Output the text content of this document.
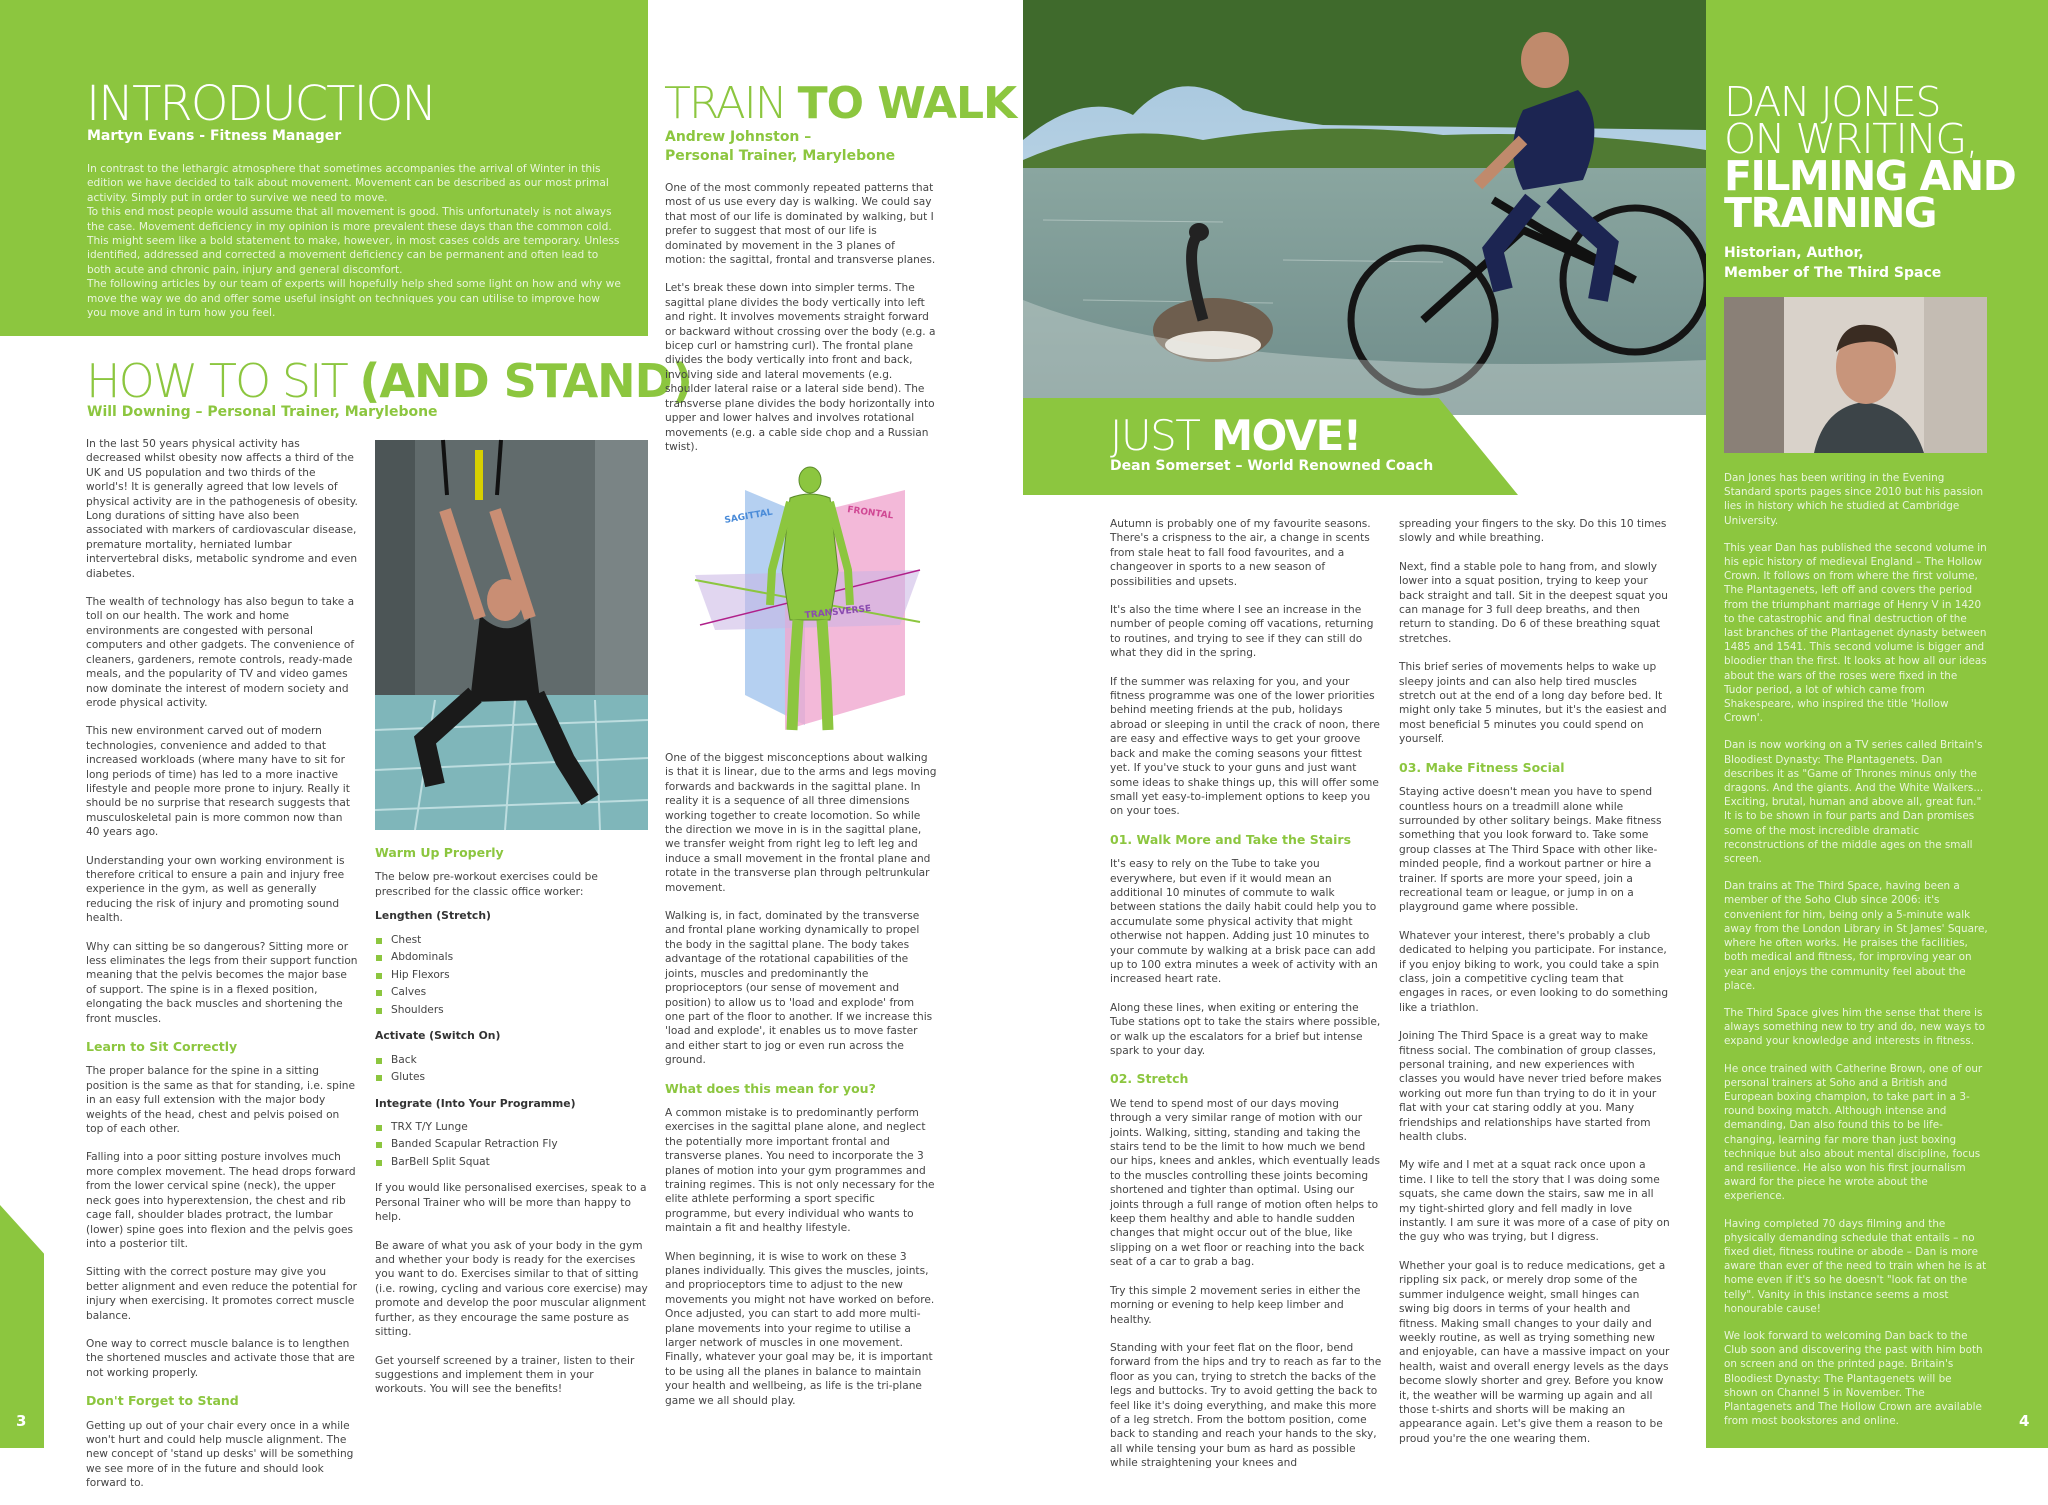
INTRODUCTION
Martyn Evans - Fitness Manager

In contrast to the lethargic atmosphere that sometimes accompanies the arrival of Winter in this edition we have decided to talk about movement. Movement can be described as our most primal activity. Simply put in order to survive we need to move.

To this end most people would assume that all movement is good. This unfortunately is not always the case. Movement deficiency in my opinion is more prevalent these days than the common cold. This might seem like a bold statement to make, however, in most cases colds are temporary. Unless identified, addressed and corrected a movement deficiency can be permanent and often lead to both acute and chronic pain, injury and general discomfort.

The following articles by our team of experts will hopefully help shed some light on how and why we move the way we do and offer some useful insight on techniques you can utilise to improve how you move and in turn how you feel.

HOW TO SIT (AND STAND)
Will Downing – Personal Trainer, Marylebone

In the last 50 years physical activity has decreased whilst obesity now affects a third of the UK and US population and two thirds of the world's! It is generally agreed that low levels of physical activity are in the pathogenesis of obesity. Long durations of sitting have also been associated with markers of cardiovascular disease, premature mortality, herniated lumbar intervertebral disks, metabolic syndrome and even diabetes.

The wealth of technology has also begun to take a toll on our health. The work and home environments are congested with personal computers and other gadgets. The convenience of cleaners, gardeners, remote controls, ready-made meals, and the popularity of TV and video games now dominate the interest of modern society and erode physical activity.

This new environment carved out of modern technologies, convenience and added to that increased workloads (where many have to sit for long periods of time) has led to a more inactive lifestyle and people more prone to injury. Really it should be no surprise that research suggests that musculoskeletal pain is more common now than 40 years ago.

Understanding your own working environment is therefore critical to ensure a pain and injury free experience in the gym, as well as generally reducing the risk of injury and promoting sound health.

Why can sitting be so dangerous? Sitting more or less eliminates the legs from their support function meaning that the pelvis becomes the major base of support. The spine is in a flexed position, elongating the back muscles and shortening the front muscles.

Learn to Sit Correctly

The proper balance for the spine in a sitting position is the same as that for standing, i.e. spine in an easy full extension with the major body weights of the head, chest and pelvis poised on top of each other.

Falling into a poor sitting posture involves much more complex movement. The head drops forward from the lower cervical spine (neck), the upper neck goes into hyperextension, the chest and rib cage fall, shoulder blades protract, the lumbar (lower) spine goes into flexion and the pelvis goes into a posterior tilt.

Sitting with the correct posture may give you better alignment and even reduce the potential for injury when exercising. It promotes correct muscle balance.

One way to correct muscle balance is to lengthen the shortened muscles and activate those that are not working properly.

Don't Forget to Stand

Getting up out of your chair every once in a while won't hurt and could help muscle alignment. The new concept of 'stand up desks' will be something we see more of in the future and should look forward to.

Warm Up Properly

The below pre-workout exercises could be prescribed for the classic office worker:

Lengthen (Stretch)
Chest
Abdominals
Hip Flexors
Calves
Shoulders
Activate (Switch On)
Back
Glutes
Integrate (Into Your Programme)
TRX T/Y Lunge
Banded Scapular Retraction Fly
BarBell Split Squat

If you would like personalised exercises, speak to a Personal Trainer who will be more than happy to help.

Be aware of what you ask of your body in the gym and whether your body is ready for the exercises you want to do. Exercises similar to that of sitting (i.e. rowing, cycling and various core exercise) may promote and develop the poor muscular alignment further, as they encourage the same posture as sitting.

Get yourself screened by a trainer, listen to their suggestions and implement them in your workouts. You will see the benefits!

TRAIN TO WALK
Andrew Johnston –
Personal Trainer, Marylebone

One of the most commonly repeated patterns that most of us use every day is walking. We could say that most of our life is dominated by walking, but I prefer to suggest that most of our life is dominated by movement in the 3 planes of motion: the sagittal, frontal and transverse planes.

Let's break these down into simpler terms. The sagittal plane divides the body vertically into left and right. It involves movements straight forward or backward without crossing over the body (e.g. a bicep curl or hamstring curl). The frontal plane divides the body vertically into front and back, involving side and lateral movements (e.g. shoulder lateral raise or a lateral side bend). The transverse plane divides the body horizontally into upper and lower halves and involves rotational movements (e.g. a cable side chop and a Russian twist).

SAGITTAL	FRONTAL
TRANSVERSE

One of the biggest misconceptions about walking is that it is linear, due to the arms and legs moving forwards and backwards in the sagittal plane. In reality it is a sequence of all three dimensions working together to create locomotion. So while the direction we move in is in the sagittal plane, we transfer weight from right leg to left leg and induce a small movement in the frontal plane and rotate in the transverse plan through peltrunkular movement.

Walking is, in fact, dominated by the transverse and frontal plane working dynamically to propel the body in the sagittal plane. The body takes advantage of the rotational capabilities of the joints, muscles and predominantly the proprioceptors (our sense of movement and position) to allow us to 'load and explode' from one part of the floor to another. If we increase this 'load and explode', it enables us to move faster and either start to jog or even run across the ground.

What does this mean for you?

A common mistake is to predominantly perform exercises in the sagittal plane alone, and neglect the potentially more important frontal and transverse planes. You need to incorporate the 3 planes of motion into your gym programmes and training regimes. This is not only necessary for the elite athlete performing a sport specific programme, but every individual who wants to maintain a fit and healthy lifestyle.

When beginning, it is wise to work on these 3 planes individually. This gives the muscles, joints, and proprioceptors time to adjust to the new movements you might not have worked on before. Once adjusted, you can start to add more multi-plane movements into your regime to utilise a larger network of muscles in one movement. Finally, whatever your goal may be, it is important to be using all the planes in balance to maintain your health and wellbeing, as life is the tri-plane game we all should play.

3
JUST MOVE!
Dean Somerset – World Renowned Coach

Autumn is probably one of my favourite seasons. There's a crispness to the air, a change in scents from stale heat to fall food favourites, and a changeover in sports to a new season of possibilities and upsets.

It's also the time where I see an increase in the number of people coming off vacations, returning to routines, and trying to see if they can still do what they did in the spring.

If the summer was relaxing for you, and your fitness programme was one of the lower priorities behind meeting friends at the pub, holidays abroad or sleeping in until the crack of noon, there are easy and effective ways to get your groove back and make the coming seasons your fittest yet. If you've stuck to your guns and just want some ideas to shake things up, this will offer some small yet easy-to-implement options to keep you on your toes.

01. Walk More and Take the Stairs

It's easy to rely on the Tube to take you everywhere, but even if it would mean an additional 10 minutes of commute to walk between stations the daily habit could help you to accumulate some physical activity that might otherwise not happen. Adding just 10 minutes to your commute by walking at a brisk pace can add up to 100 extra minutes a week of activity with an increased heart rate.

Along these lines, when exiting or entering the Tube stations opt to take the stairs where possible, or walk up the escalators for a brief but intense spark to your day.

02. Stretch

We tend to spend most of our days moving through a very similar range of motion with our joints. Walking, sitting, standing and taking the stairs tend to be the limit to how much we bend our hips, knees and ankles, which eventually leads to the muscles controlling these joints becoming shortened and tighter than optimal. Using our joints through a full range of motion often helps to keep them healthy and able to handle sudden changes that might occur out of the blue, like slipping on a wet floor or reaching into the back seat of a car to grab a bag.

Try this simple 2 movement series in either the morning or evening to help keep limber and healthy.

Standing with your feet flat on the floor, bend forward from the hips and try to reach as far to the floor as you can, trying to stretch the backs of the legs and buttocks. Try to avoid getting the back to feel like it's doing everything, and make this more of a leg stretch. From the bottom position, come back to standing and reach your hands to the sky, all while tensing your bum as hard as possible while straightening your knees and

spreading your fingers to the sky. Do this 10 times slowly and while breathing.

Next, find a stable pole to hang from, and slowly lower into a squat position, trying to keep your back straight and tall. Sit in the deepest squat you can manage for 3 full deep breaths, and then return to standing. Do 6 of these breathing squat stretches.

This brief series of movements helps to wake up sleepy joints and can also help tired muscles stretch out at the end of a long day before bed. It might only take 5 minutes, but it's the easiest and most beneficial 5 minutes you could spend on yourself.

03. Make Fitness Social

Staying active doesn't mean you have to spend countless hours on a treadmill alone while surrounded by other solitary beings. Make fitness something that you look forward to. Take some group classes at The Third Space with other like-minded people, find a workout partner or hire a trainer. If sports are more your speed, join a recreational team or league, or jump in on a playground game where possible.

Whatever your interest, there's probably a club dedicated to helping you participate. For instance, if you enjoy biking to work, you could take a spin class, join a competitive cycling team that engages in races, or even looking to do something like a triathlon.

Joining The Third Space is a great way to make fitness social. The combination of group classes, personal training, and new experiences with classes you would have never tried before makes working out more fun than trying to do it in your flat with your cat staring oddly at you. Many friendships and relationships have started from health clubs.

My wife and I met at a squat rack once upon a time. I like to tell the story that I was doing some squats, she came down the stairs, saw me in all my tight-shirted glory and fell madly in love instantly. I am sure it was more of a case of pity on the guy who was trying, but I digress.

Whether your goal is to reduce medications, get a rippling six pack, or merely drop some of the summer indulgence weight, small hinges can swing big doors in terms of your health and fitness. Making small changes to your daily and weekly routine, as well as trying something new and enjoyable, can have a massive impact on your health, waist and overall energy levels as the days become slowly shorter and grey. Before you know it, the weather will be warming up again and all those t-shirts and shorts will be making an appearance again. Let's give them a reason to be proud you're the one wearing them.

DAN JONES
ON WRITING,
FILMING AND
TRAINING
Historian, Author,
Member of The Third Space

Dan Jones has been writing in the Evening Standard sports pages since 2010 but his passion lies in history which he studied at Cambridge University.

This year Dan has published the second volume in his epic history of medieval England – The Hollow Crown. It follows on from where the first volume, The Plantagenets, left off and covers the period from the triumphant marriage of Henry V in 1420 to the catastrophic and final destruction of the last branches of the Plantagenet dynasty between 1485 and 1541. This second volume is bigger and bloodier than the first. It looks at how all our ideas about the wars of the roses were fixed in the Tudor period, a lot of which came from Shakespeare, who inspired the title 'Hollow Crown'.

Dan is now working on a TV series called Britain's Bloodiest Dynasty: The Plantagenets. Dan describes it as "Game of Thrones minus only the dragons. And the giants. And the White Walkers... Exciting, brutal, human and above all, great fun." It is to be shown in four parts and Dan promises some of the most incredible dramatic reconstructions of the middle ages on the small screen.

Dan trains at The Third Space, having been a member of the Soho Club since 2006: it's convenient for him, being only a 5-minute walk away from the London Library in St James' Square, where he often works. He praises the facilities, both medical and fitness, for improving year on year and enjoys the community feel about the place.

The Third Space gives him the sense that there is always something new to try and do, new ways to expand your knowledge and interests in fitness.

He once trained with Catherine Brown, one of our personal trainers at Soho and a British and European boxing champion, to take part in a 3-round boxing match. Although intense and demanding, Dan also found this to be life-changing, learning far more than just boxing technique but also about mental discipline, focus and resilience. He also won his first journalism award for the piece he wrote about the experience.

Having completed 70 days filming and the physically demanding schedule that entails – no fixed diet, fitness routine or abode – Dan is more aware than ever of the need to train when he is at home even if it's so he doesn't "look fat on the telly". Vanity in this instance seems a most honourable cause!

We look forward to welcoming Dan back to the Club soon and discovering the past with him both on screen and on the printed page. Britain's Bloodiest Dynasty: The Plantagenets will be shown on Channel 5 in November. The Plantagenets and The Hollow Crown are available from most bookstores and online.	4
